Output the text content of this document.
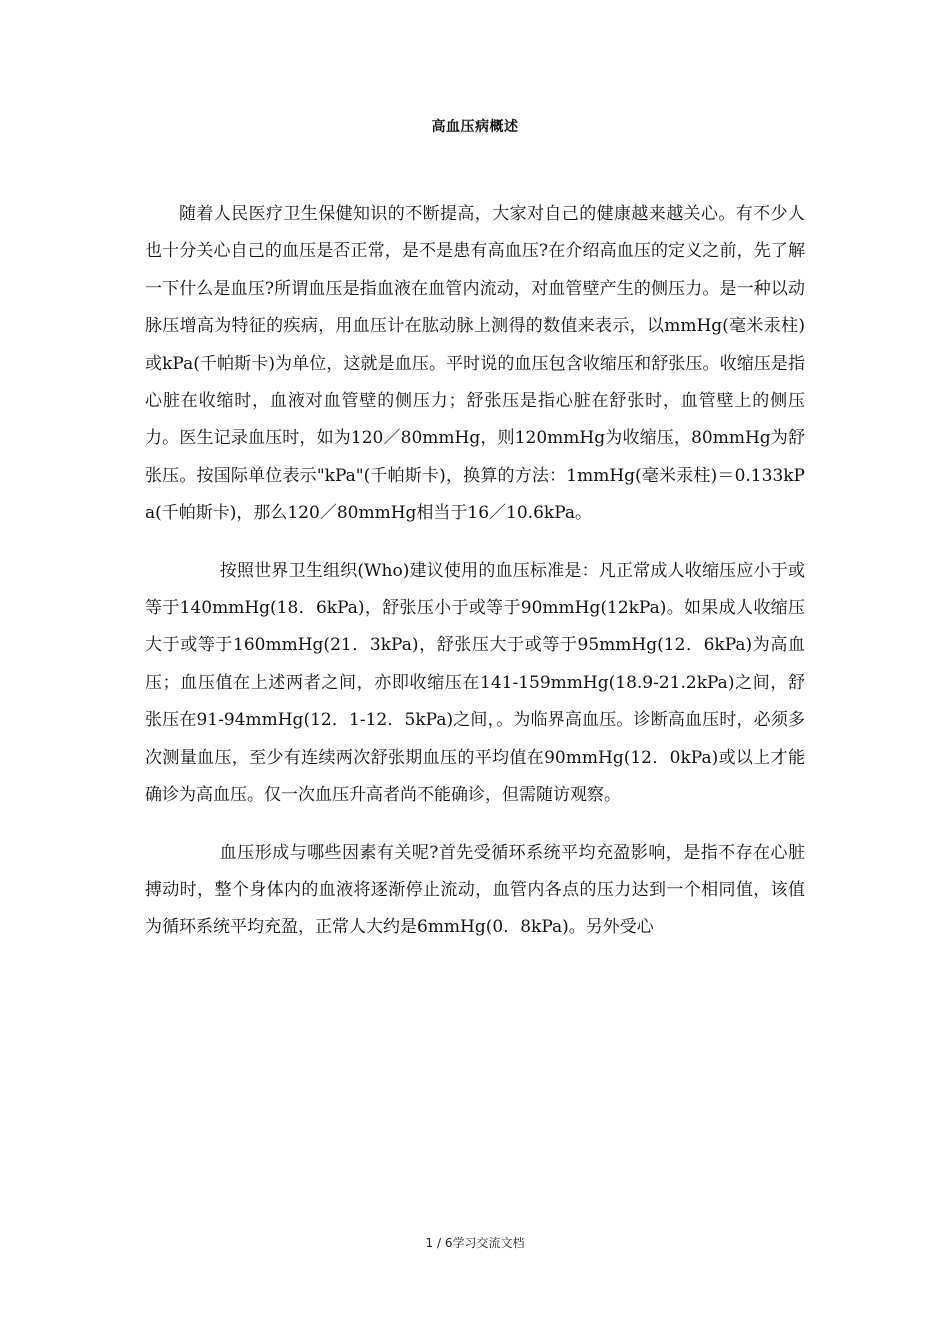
高血压病概述

随着人民医疗卫生保健知识的不断提高，大家对自己的健康越来越关心。有不少人也十分关心自己的血压是否正常，是不是患有高血压?在介绍高血压的定义之前，先了解一下什么是血压?所谓血压是指血液在血管内流动，对血管壁产生的侧压力。是一种以动脉压增高为特征的疾病，用血压计在肱动脉上测得的数值来表示，以mmHg(毫米汞柱)或kPa(千帕斯卡)为单位，这就是血压。平时说的血压包含收缩压和舒张压。收缩压是指心脏在收缩时，血液对血管壁的侧压力；舒张压是指心脏在舒张时，血管壁上的侧压力。医生记录血压时，如为120／80mmHg，则120mmHg为收缩压，80mmHg为舒张压。按国际单位表示"kPa"(千帕斯卡)，换算的方法：1mmHg(毫米汞柱)＝0.133kPa(千帕斯卡)，那么120／80mmHg相当于16／10.6kPa。

按照世界卫生组织(Who)建议使用的血压标准是：凡正常成人收缩压应小于或等于140mmHg(18．6kPa)，舒张压小于或等于90mmHg(12kPa)。如果成人收缩压大于或等于160mmHg(21．3kPa)，舒张压大于或等于95mmHg(12．6kPa)为高血压；血压值在上述两者之间，亦即收缩压在141-159mmHg(18.9-21.2kPa)之间，舒张压在91-94mmHg(12．1-12．5kPa)之间，。为临界高血压。诊断高血压时，必须多次测量血压，至少有连续两次舒张期血压的平均值在90mmHg(12．0kPa)或以上才能确诊为高血压。仅一次血压升高者尚不能确诊，但需随访观察。

血压形成与哪些因素有关呢?首先受循环系统平均充盈影响，是指不存在心脏搏动时，整个身体内的血液将逐渐停止流动，血管内各点的压力达到一个相同值，该值为循环系统平均充盈，正常人大约是6mmHg(0．8kPa)。另外受心

1 / 6学习交流文档
